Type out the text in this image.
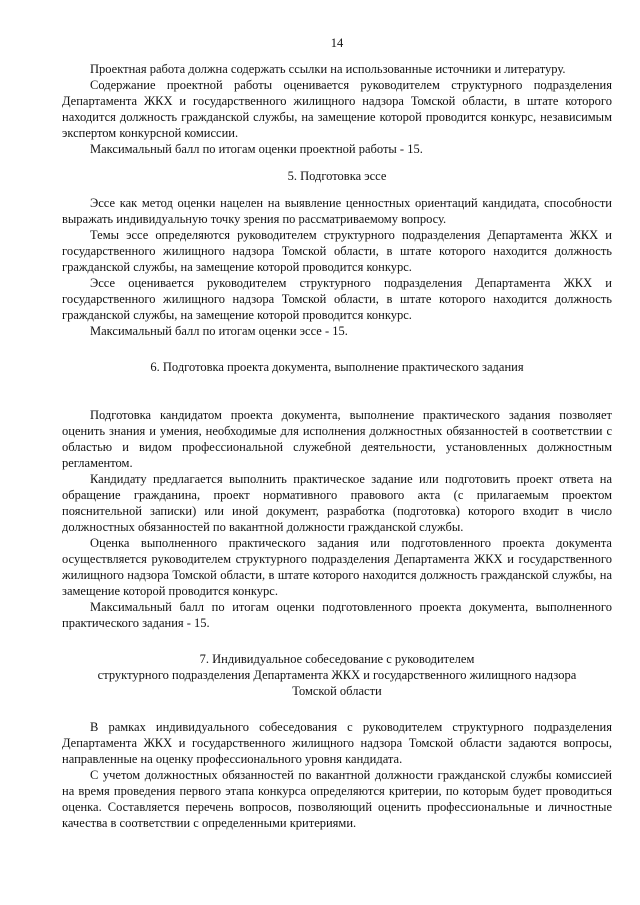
14

Проектная работа должна содержать ссылки на использованные источники и литературу.

Содержание проектной работы оценивается руководителем структурного подразделения Департамента ЖКХ и государственного жилищного надзора Томской области, в штате которого находится должность гражданской службы, на замещение которой проводится конкурс, независимым экспертом конкурсной комиссии.

Максимальный балл по итогам оценки проектной работы - 15.

5. Подготовка эссе

Эссе как метод оценки нацелен на выявление ценностных ориентаций кандидата, способности выражать индивидуальную точку зрения по рассматриваемому вопросу.

Темы эссе определяются руководителем структурного подразделения Департамента ЖКХ и государственного жилищного надзора Томской области, в штате которого находится должность гражданской службы, на замещение которой проводится конкурс.

Эссе оценивается руководителем структурного подразделения Департамента ЖКХ и государственного жилищного надзора Томской области, в штате которого находится должность гражданской службы, на замещение которой проводится конкурс.

Максимальный балл по итогам оценки эссе - 15.

6. Подготовка проекта документа, выполнение практического задания

Подготовка кандидатом проекта документа, выполнение практического задания позволяет оценить знания и умения, необходимые для исполнения должностных обязанностей в соответствии с областью и видом профессиональной служебной деятельности, установленных должностным регламентом.

Кандидату предлагается выполнить практическое задание или подготовить проект ответа на обращение гражданина, проект нормативного правового акта (с прилагаемым проектом пояснительной записки) или иной документ, разработка (подготовка) которого входит в число должностных обязанностей по вакантной должности гражданской службы.

Оценка выполненного практического задания или подготовленного проекта документа осуществляется руководителем структурного подразделения Департамента ЖКХ и государственного жилищного надзора Томской области, в штате которого находится должность гражданской службы, на замещение которой проводится конкурс.

Максимальный балл по итогам оценки подготовленного проекта документа, выполненного практического задания - 15.

7. Индивидуальное собеседование с руководителем

структурного подразделения Департамента ЖКХ и государственного жилищного надзора

Томской области

В рамках индивидуального собеседования с руководителем структурного подразделения Департамента ЖКХ и государственного жилищного надзора Томской области задаются вопросы, направленные на оценку профессионального уровня кандидата.

С учетом должностных обязанностей по вакантной должности гражданской службы комиссией на время проведения первого этапа конкурса определяются критерии, по которым будет проводиться оценка. Составляется перечень вопросов, позволяющий оценить профессиональные и личностные качества в соответствии с определенными критериями.
